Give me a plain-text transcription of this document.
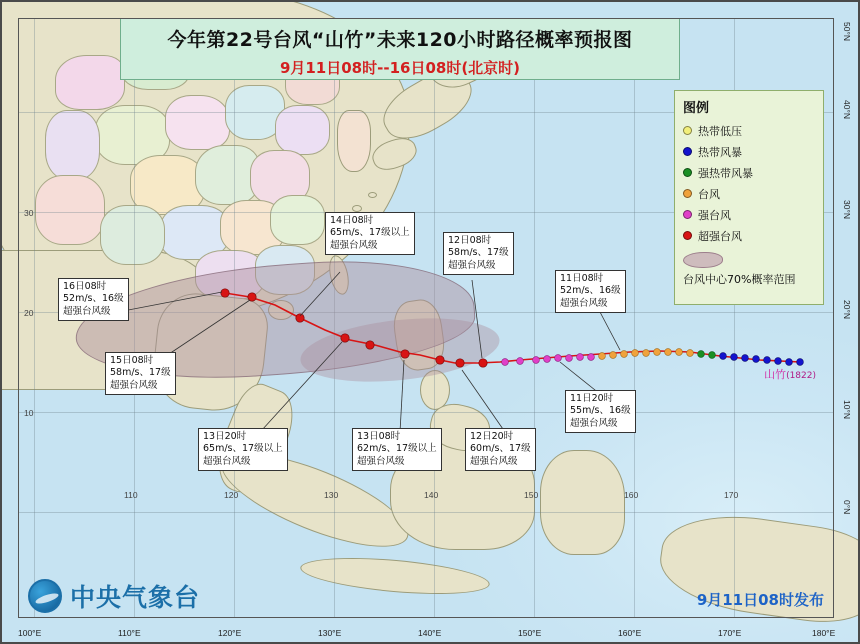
山竹(1822)
16日08时
52m/s、16级
超强台风级
15日08时
58m/s、17级
超强台风级
14日08时
65m/s、17级以上
超强台风级
13日20时
65m/s、17级以上
超强台风级
13日08时
62m/s、17级以上
超强台风级
12日20时
60m/s、17级
超强台风级
12日08时
58m/s、17级
超强台风级
11日20时
55m/s、16级
超强台风级
11日08时
52m/s、16级
超强台风级
图例
热带低压
热带风暴
强热带风暴
台风
强台风
超强台风
台风中心70%概率范围
今年第22号台风“山竹”未来120小时路径概率预报图
9月11日08时--16日08时(北京时)
110	120	130	140	150	160	170
10
20
30
100°E	110°E	120°E	130°E	140°E	150°E	160°E	170°E	180°E
0°N
10°N
20°N
30°N
40°N
50°N
中央气象台	9月11日08时发布
